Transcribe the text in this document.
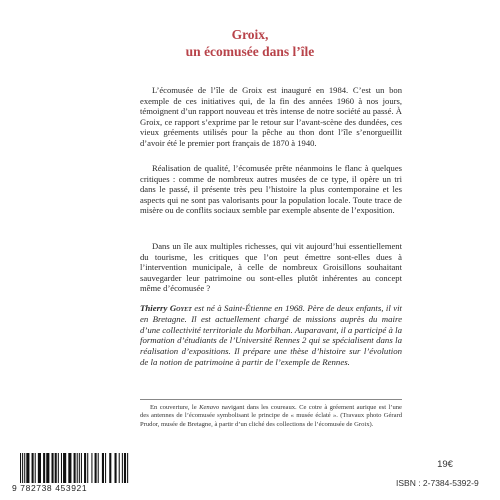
Groix,
un écomusée dans l’île

L’écomusée de l’île de Groix est inauguré en 1984. C’est un bon exemple de ces initiatives qui, de la fin des années 1960 à nos jours, témoignent d’un rapport nouveau et très intense de notre société au passé. À Groix, ce rapport s’exprime par le retour sur l’avant-scène des dundées, ces vieux gréements utilisés pour la pêche au thon dont l’île s’enorgueillit d’avoir été le premier port français de 1870 à 1940.

Réalisation de qualité, l’écomusée prête néanmoins le flanc à quelques critiques : comme de nombreux autres musées de ce type, il opère un tri dans le passé, il présente très peu l’histoire la plus contemporaine et les aspects qui ne sont pas valorisants pour la population locale. Toute trace de misère ou de conflits sociaux semble par exemple absente de l’exposition.

Dans un île aux multiples richesses, qui vit aujourd’hui essentiellement du tourisme, les critiques que l’on peut émettre sont-elles dues à l’intervention municipale, à celle de nombreux Groisillons souhaitant sauvegarder leur patrimoine ou sont-elles plutôt inhérentes au concept même d’écomusée ?

Thierry Goyet est né à Saint-Étienne en 1968. Père de deux enfants, il vit en Bretagne. Il est actuellement chargé de missions auprès du maire d’une collectivité territoriale du Morbihan. Auparavant, il a participé à la formation d’étudiants de l’Université Rennes 2 qui se spécialisent dans la réalisation d’expositions. Il prépare une thèse d’histoire sur l’évolution de la notion de patrimoine à partir de l’exemple de Rennes.

En couverture, le Kenavo navigant dans les coureaux. Ce cotre à gréement aurique est l’une des antennes de l’écomusée symbolisant le principe de « musée éclaté ». (Travaux photo Gérard Prudor, musée de Bretagne, à partir d’un cliché des collections de l’écomusée de Groix).

9 782738 453921
19€
ISBN : 2-7384-5392-9
